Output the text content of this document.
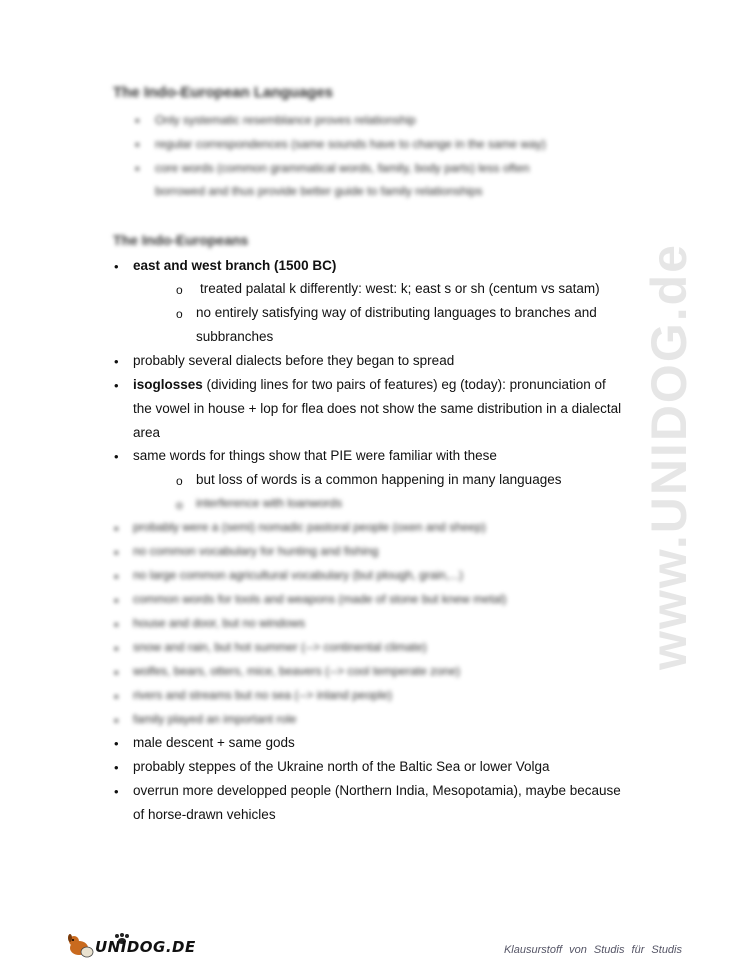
www.UNIDOG.de
The Indo-European Languages
• Only systematic resemblance proves relationship
• regular correspondences (same sounds have to change in the same way)
• core words (common grammatical words, family, body parts) less often
borrowed and thus provide better guide to family relationships
The Indo-Europeans
• east and west branch (1500 BC)
o treated palatal k differently: west: k; east s or sh (centum vs satam)
o no entirely satisfying way of distributing languages to branches and
subbranches
• probably several dialects before they began to spread
• isoglosses (dividing lines for two pairs of features) eg (today): pronunciation of
the vowel in house + lop for flea does not show the same distribution in a dialectal
area
• same words for things show that PIE were familiar with these
o but loss of words is a common happening in many languages
o interference with loanwords
• probably were a (semi) nomadic pastoral people (oxen and sheep)
• no common vocabulary for hunting and fishing
• no large common agricultural vocabulary (but plough, grain,...)
• common words for tools and weapons (made of stone but knew metal)
• house and door, but no windows
• snow and rain, but hot summer (--> continental climate)
• wolfes, bears, otters, mice, beavers (--> cool temperate zone)
• rivers and streams but no sea (--> inland people)
• family played an important role
• male descent + same gods
• probably steppes of the Ukraine north of the Baltic Sea or lower Volga
• overrun more developped people (Northern India, Mesopotamia), maybe because
of horse-drawn vehicles
UNIDOG.DE	Klausurstoff von Studis für Studis
